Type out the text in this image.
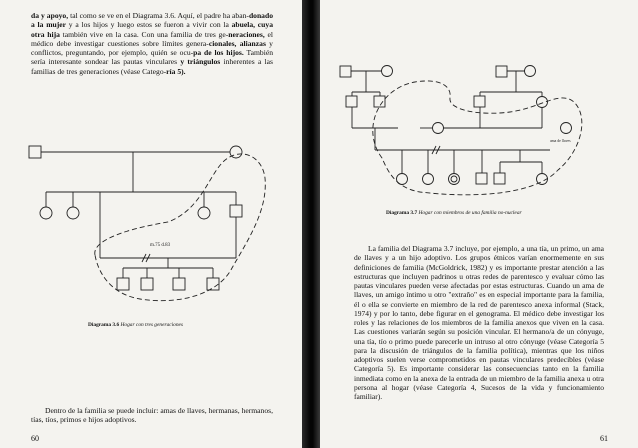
da y apoyo, tal como se ve en el Diagrama 3.6. Aquí, el padre ha aban-donado a la mujer y a los hijos y luego estos se fueron a vivir con la abuela, cuya otra hija también vive en la casa. Con una familia de tres ge-neraciones, el médico debe investigar cuestiones sobre límites genera-cionales, alianzas y conflictos, preguntando, por ejemplo, quién se ocu-pa de los hijos. También sería interesante sondear las pautas vinculares y triángulos inherentes a las familias de tres generaciones (véase Catego-ría 5).

m.75 d.83
Diagrama 3.6 Hogar con tres generaciones

Dentro de la familia se puede incluir: amas de llaves, hermanas, hermanos, tías, tíos, primos e hijos adoptivos.

60
ama de llaves
Diagrama 3.7 Hogar con miembros de una familia no-nuclear

La familia del Diagrama 3.7 incluye, por ejemplo, a una tía, un primo, un ama de llaves y a un hijo adoptivo. Los grupos étnicos varían enormemente en sus definiciones de familia (McGoldrick, 1982) y es importante prestar atención a las estructuras que incluyen padrinos u otras redes de parentesco y evaluar cómo las pautas vinculares pueden verse afectadas por estas estructuras. Cuando un ama de llaves, un amigo íntimo u otro "extraño" es en especial importante para la familia, él o ella se convierte en miembro de la red de parentesco anexa informal (Stack, 1974) y por lo tanto, debe figurar en el genograma. El médico debe investigar los roles y las relaciones de los miembros de la familia anexos que viven en la casa. Las cuestiones variarán según su posición vincular. El hermano/a de un cónyuge, una tía, tío o primo puede parecerle un intruso al otro cónyuge (véase Categoría 5 para la discusión de triángulos de la familia política), mientras que los niños adoptivos suelen verse comprometidos en pautas vinculares predecibles (véase Categoría 5). Es importante considerar las consecuencias tanto en la familia inmediata como en la anexa de la entrada de un miembro de la familia anexa u otra persona al hogar (véase Categoría 4, Sucesos de la vida y funcionamiento familiar).

61
